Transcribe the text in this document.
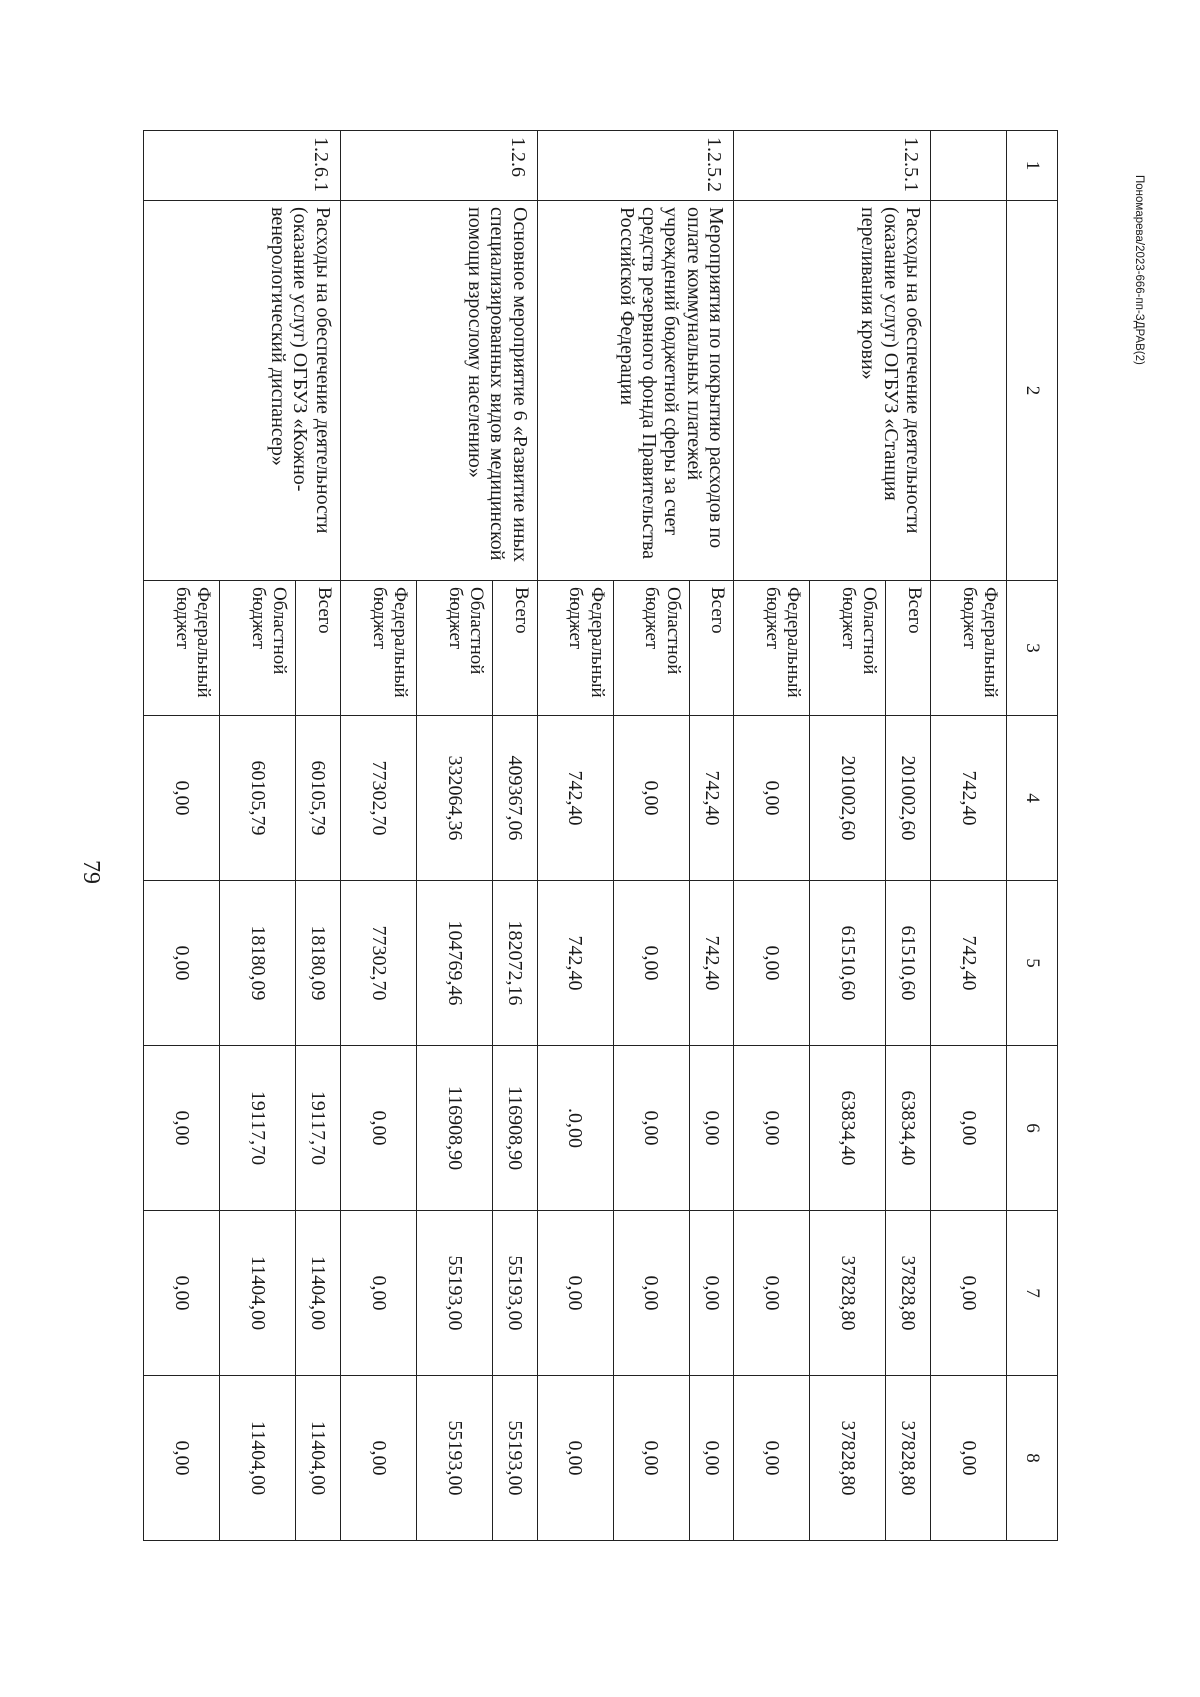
79
Пономарева/2023-666-пп-ЗДРАВ(2)
1	2	3	4	5	6	7	8
		Федеральный бюджет	742,40	742,40	0,00	0,00	0,00
1.2.5.1	Расходы на обеспечение деятельности (оказание услуг) ОГБУЗ «Станция переливания крови»	Всего	201002,60	61510,60	63834,40	37828,80	37828,80
		Областной бюджет	201002,60	61510,60	63834,40	37828,80	37828,80
		Федеральный бюджет	0,00	0,00	0,00	0,00	0,00
1.2.5.2	Мероприятия по покрытию расходов по оплате коммунальных платежей учреждений бюджетной сферы за счет средств резервного фонда Правительства Российской Федерации	Всего	742,40	742,40	0,00	0,00	0,00
		Областной бюджет	0,00	0,00	0,00	0,00	0,00
		Федеральный бюджет	742,40	742,40	.0,00	0,00	0,00
1.2.6	Основное мероприятие 6 «Развитие иных специализированных видов медицинской помощи взрослому населению»	Всего	409367,06	182072,16	116908,90	55193,00	55193,00
		Областной бюджет	332064,36	104769,46	116908,90	55193,00	55193,00
		Федеральный бюджет	77302,70	77302,70	0,00	0,00	0,00
1.2.6.1	Расходы на обеспечение деятельности (оказание услуг) ОГБУЗ «Кожно-венерологический диспансер»	Всего	60105,79	18180,09	19117,70	11404,00	11404,00
		Областной бюджет	60105,79	18180,09	19117,70	11404,00	11404,00
		Федеральный бюджет	0,00	0,00	0,00	0,00	0,00
